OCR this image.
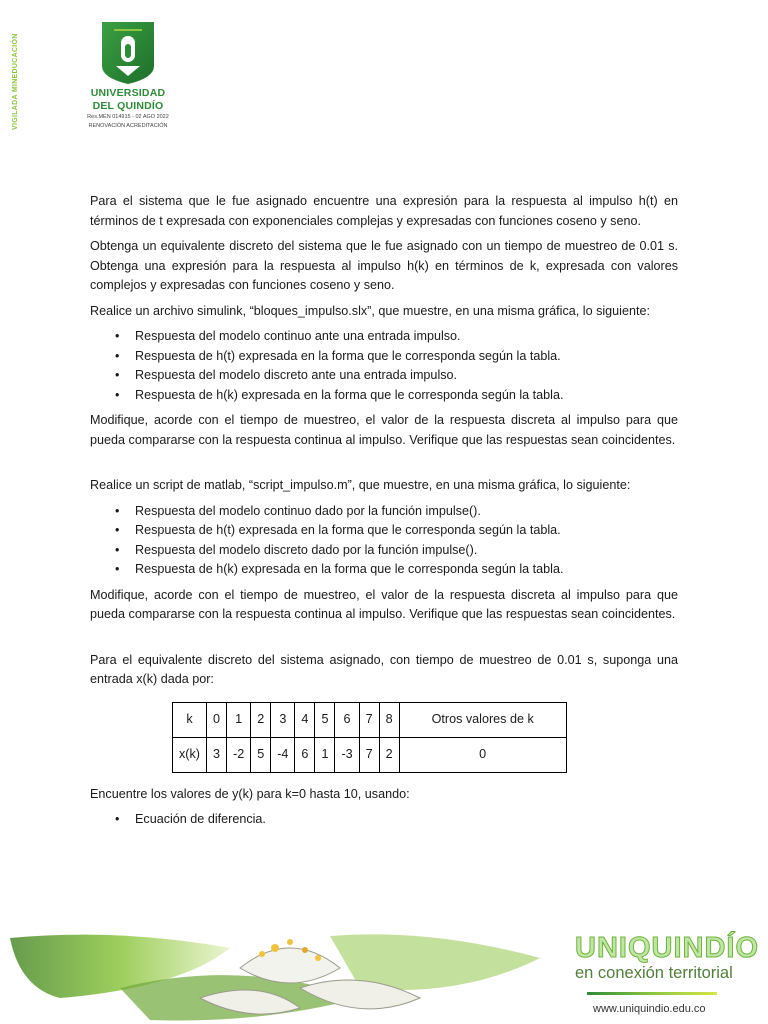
VIGILADA MINEDUCACIÓN	UNIVERSIDAD
DEL QUINDÍO
Res.MEN 014915 - 02 AGO 2022
RENOVACIÓN ACREDITACIÓN

Para el sistema que le fue asignado encuentre una expresión para la respuesta al impulso h(t) en términos de t expresada con exponenciales complejas y expresadas con funciones coseno y seno.

Obtenga un equivalente discreto del sistema que le fue asignado con un tiempo de muestreo de 0.01 s. Obtenga una expresión para la respuesta al impulso h(k) en términos de k, expresada con valores complejos y expresadas con funciones coseno y seno.

Realice un archivo simulink, “bloques_impulso.slx”, que muestre, en una misma gráfica, lo siguiente:

• Respuesta del modelo continuo ante una entrada impulso.
• Respuesta de h(t) expresada en la forma que le corresponda según la tabla.
• Respuesta del modelo discreto ante una entrada impulso.
• Respuesta de h(k) expresada en la forma que le corresponda según la tabla.

Modifique, acorde con el tiempo de muestreo, el valor de la respuesta discreta al impulso para que pueda compararse con la respuesta continua al impulso. Verifique que las respuestas sean coincidentes.

Realice un script de matlab, “script_impulso.m”, que muestre, en una misma gráfica, lo siguiente:

• Respuesta del modelo continuo dado por la función impulse().
• Respuesta de h(t) expresada en la forma que le corresponda según la tabla.
• Respuesta del modelo discreto dado por la función impulse().
• Respuesta de h(k) expresada en la forma que le corresponda según la tabla.

Modifique, acorde con el tiempo de muestreo, el valor de la respuesta discreta al impulso para que pueda compararse con la respuesta continua al impulso. Verifique que las respuestas sean coincidentes.

Para el equivalente discreto del sistema asignado, con tiempo de muestreo de 0.01 s, suponga una entrada x(k) dada por:

k	0	1	2	3	4	5	6	7	8	Otros valores de k
x(k)	3	-2	5	-4	6	1	-3	7	2	0

Encuentre los valores de y(k) para k=0 hasta 10, usando:

• Ecuación de diferencia.
UNIQUINDÍO
en conexión territorial
www.uniquindio.edu.co
